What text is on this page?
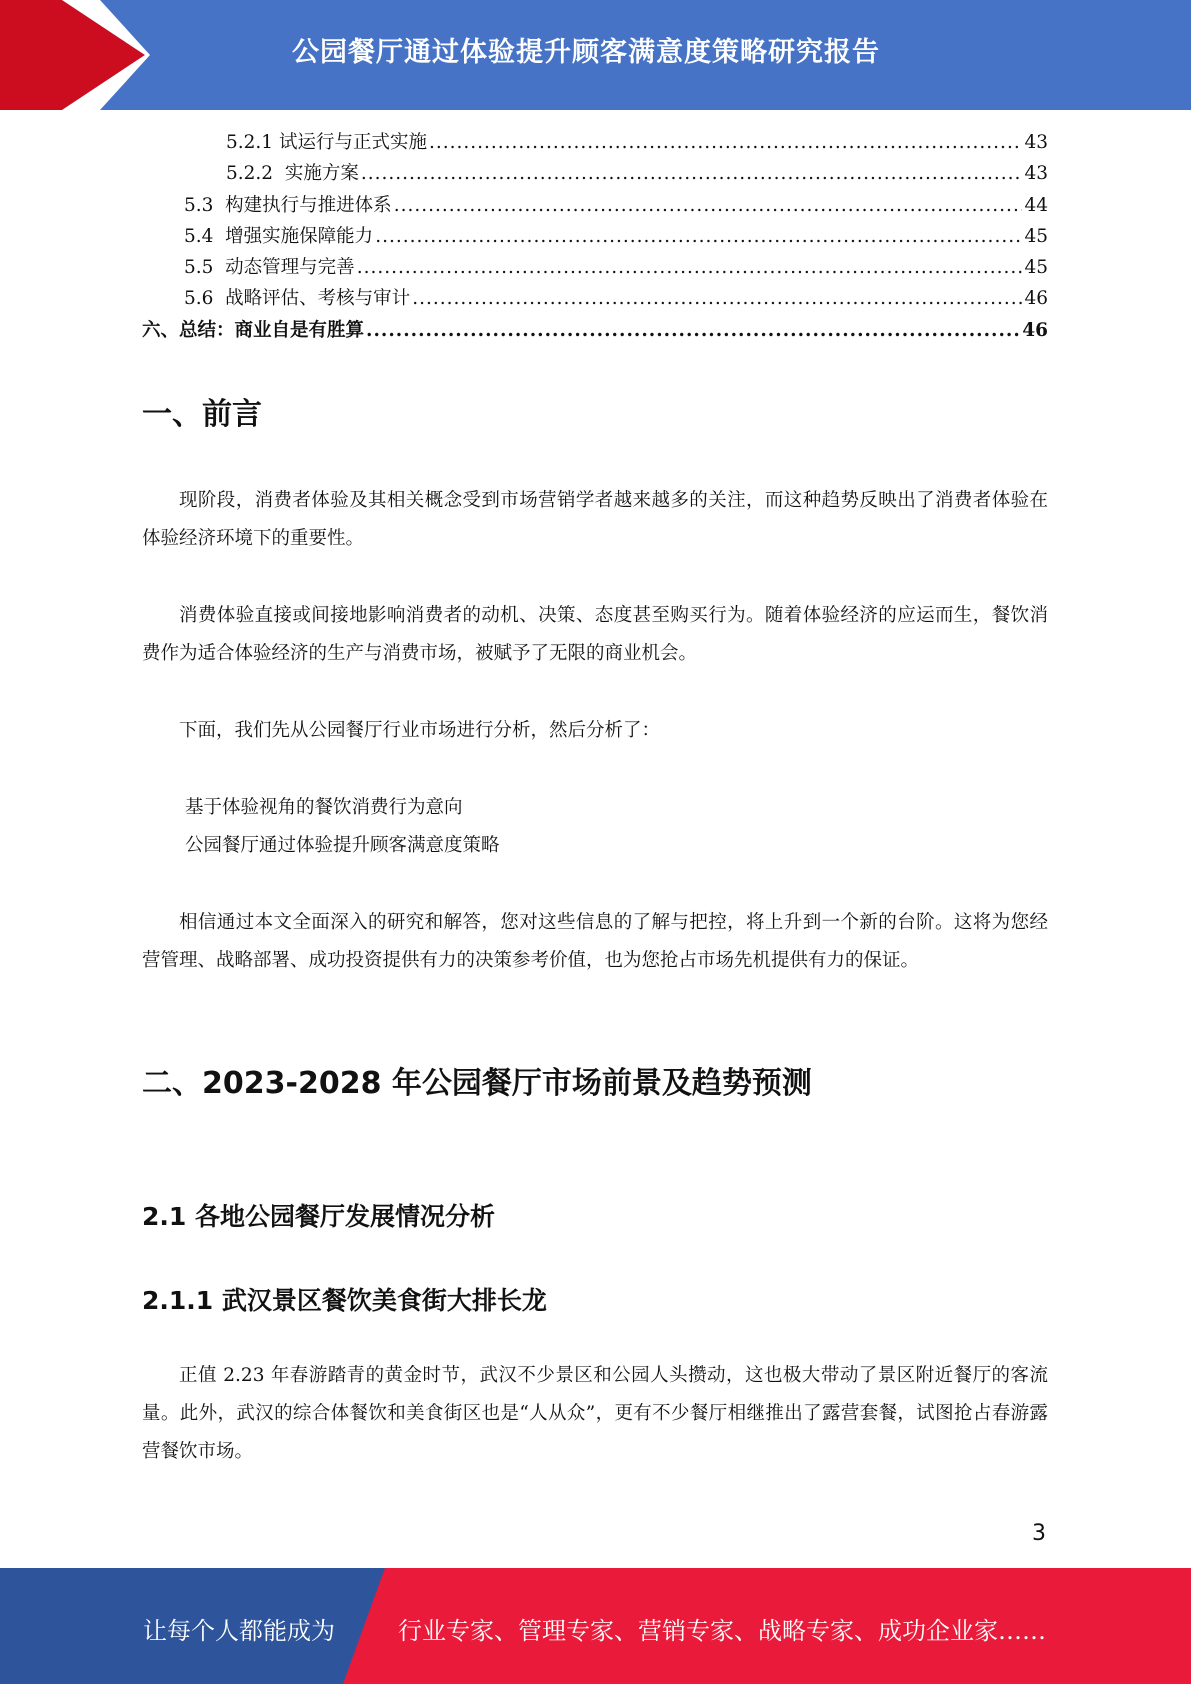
公园餐厅通过体验提升顾客满意度策略研究报告
5.2.1 试运行与正式实施 .....	43
5.2.2  实施方案 .....	43
5.3  构建执行与推进体系 .....	44
5.4  增强实施保障能力 .....	45
5.5  动态管理与完善 .....	45
5.6  战略评估、考核与审计 .....	46
六、总结：商业自是有胜算 .....	46
一、前言
现阶段，消费者体验及其相关概念受到市场营销学者越来越多的关注，而这种趋势反映出了消费者体验在体验经济环境下的重要性。
消费体验直接或间接地影响消费者的动机、决策、态度甚至购买行为。随着体验经济的应运而生，餐饮消费作为适合体验经济的生产与消费市场，被赋予了无限的商业机会。
下面，我们先从公园餐厅行业市场进行分析，然后分析了：
基于体验视角的餐饮消费行为意向
公园餐厅通过体验提升顾客满意度策略
相信通过本文全面深入的研究和解答，您对这些信息的了解与把控，将上升到一个新的台阶。这将为您经营管理、战略部署、成功投资提供有力的决策参考价值，也为您抢占市场先机提供有力的保证。
二、2023-2028 年公园餐厅市场前景及趋势预测
2.1 各地公园餐厅发展情况分析
2.1.1 武汉景区餐饮美食街大排长龙
正值 2.23 年春游踏青的黄金时节，武汉不少景区和公园人头攒动，这也极大带动了景区附近餐厅的客流量。此外，武汉的综合体餐饮和美食街区也是“人从众”，更有不少餐厅相继推出了露营套餐，试图抢占春游露营餐饮市场。
3
让每个人都能成为	行业专家、管理专家、营销专家、战略专家、成功企业家……
